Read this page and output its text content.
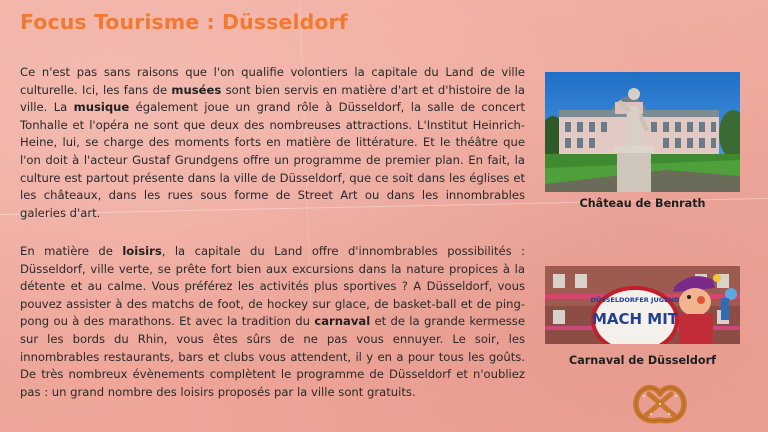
Focus Tourisme : Düsseldorf

Ce n'est pas sans raisons que l'on qualifie volontiers la capitale du Land de ville culturelle. Ici, les fans de musées sont bien servis en matière d'art et d'histoire de la ville. La musique également joue un grand rôle à Düsseldorf, la salle de concert Tonhalle et l'opéra ne sont que deux des nombreuses attractions. L'Institut Heinrich-Heine, lui, se charge des moments forts en matière de littérature. Et le théâtre que l'on doit à l'acteur Gustaf Grundgens offre un programme de premier plan. En fait, la culture est partout présente dans la ville de Düsseldorf, que ce soit dans les églises et les châteaux, dans les rues sous forme de Street Art ou dans les innombrables galeries d'art.

En matière de loisirs, la capitale du Land offre d'innombrables possibilités : Düsseldorf, ville verte, se prête fort bien aux excursions dans la nature propices à la détente et au calme. Vous préférez les activités plus sportives ? A Düsseldorf, vous pouvez assister à des matchs de foot, de hockey sur glace, de basket-ball et de ping-pong ou à des marathons. Et avec la tradition du carnaval et de la grande kermesse sur les bords du Rhin, vous êtes sûrs de ne pas vous ennuyer. Le soir, les innombrables restaurants, bars et clubs vous attendent, il y en a pour tous les goûts. De très nombreux évènements complètent le programme de Düsseldorf et n'oubliez pas : un grand nombre des loisirs proposés par la ville sont gratuits.

Château de Benrath
DÜSSELDORFER JUGEND
MACH MIT
Carnaval de Düsseldorf
